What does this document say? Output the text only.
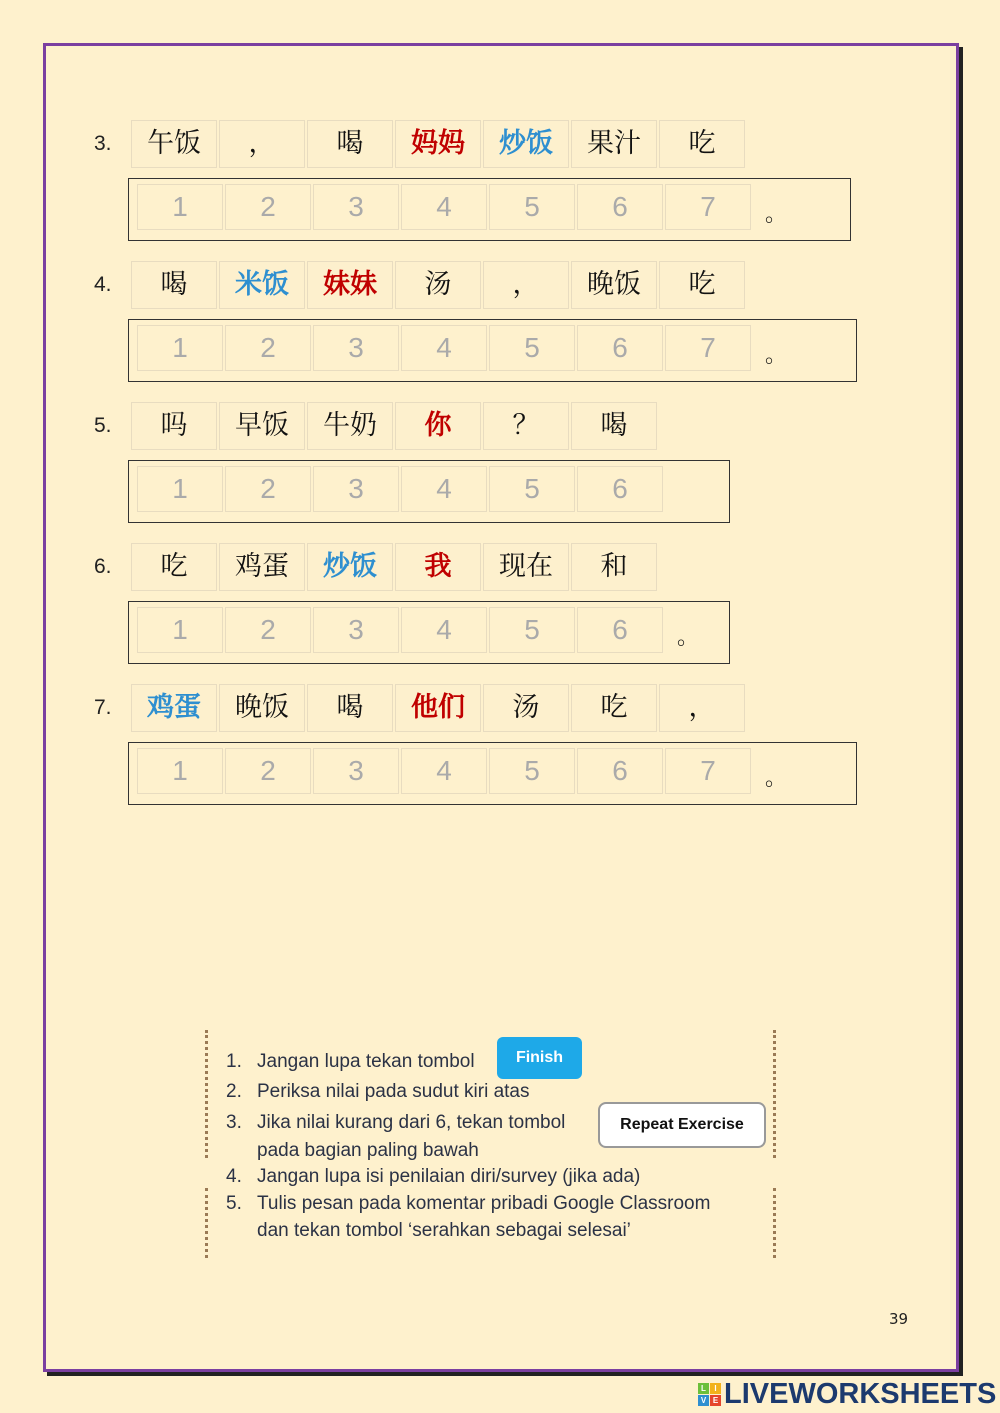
3.	午饭	，	喝	妈妈	炒饭	果汁	吃
1	2	3	4	5	6	7	。
4.	喝	米饭	妹妹	汤	，	晚饭	吃
1	2	3	4	5	6	7	。
5.	吗	早饭	牛奶	你	？	喝
1	2	3	4	5	6
6.	吃	鸡蛋	炒饭	我	现在	和
1	2	3	4	5	6	。
7.	鸡蛋	晚饭	喝	他们	汤	吃	，
1	2	3	4	5	6	7	。
1. Jangan lupa tekan tombol
2. Periksa nilai pada sudut kiri atas
3. Jika nilai kurang dari 6, tekan tombol
pada bagian paling bawah
4. Jangan lupa isi penilaian diri/survey (jika ada)
5. Tulis pesan pada komentar pribadi Google Classroom
dan tekan tombol ‘serahkan sebagai selesai’
Finish
Repeat Exercise
39
L	I
V E LIVEWORKSHEETS
